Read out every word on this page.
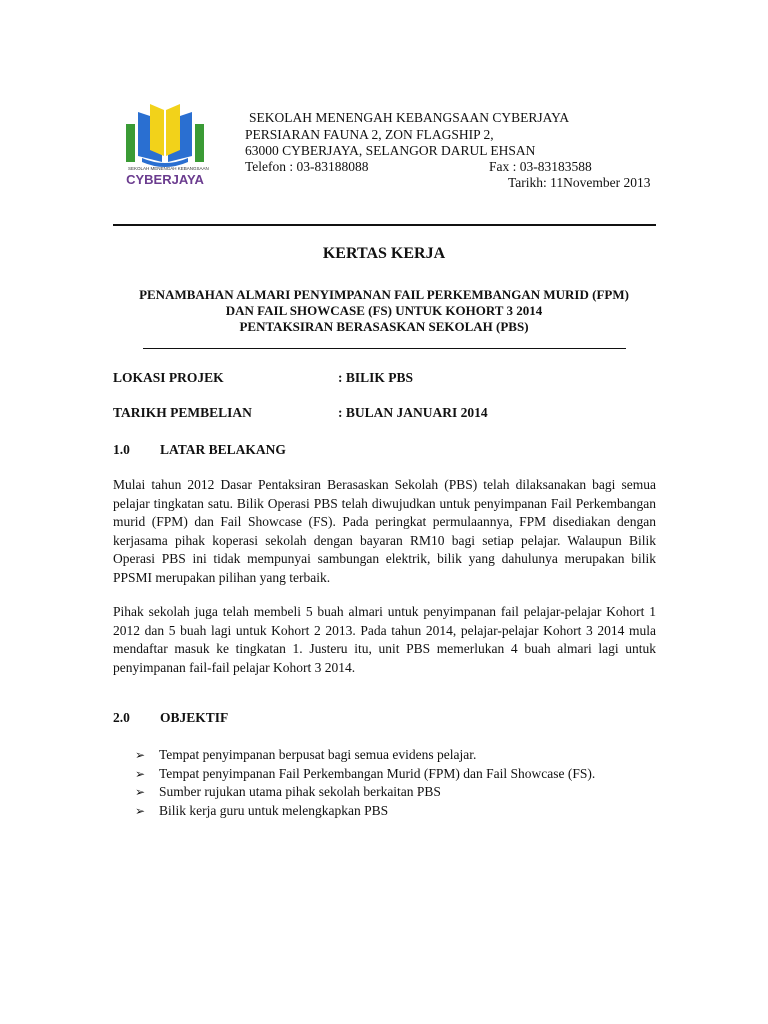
SEKOLAH MENENGAH KEBANGSAAN
CYBERJAYA
SEKOLAH MENENGAH KEBANGSAAN CYBERJAYA
PERSIARAN FAUNA 2, ZON FLAGSHIP 2,
63000 CYBERJAYA, SELANGOR DARUL EHSAN
Telefon : 03-83188088	Fax : 03-83183588
Tarikh: 11November 2013
KERTAS KERJA
PENAMBAHAN ALMARI PENYIMPANAN FAIL PERKEMBANGAN MURID (FPM)
DAN FAIL SHOWCASE (FS) UNTUK KOHORT 3 2014
PENTAKSIRAN BERASASKAN SEKOLAH (PBS)
LOKASI PROJEK	: BILIK PBS
TARIKH PEMBELIAN	: BULAN JANUARI 2014
1.0 LATAR BELAKANG
Mulai tahun 2012 Dasar Pentaksiran Berasaskan Sekolah (PBS) telah dilaksanakan bagi semua pelajar tingkatan satu. Bilik Operasi PBS telah diwujudkan untuk penyimpanan Fail Perkembangan murid (FPM) dan Fail Showcase (FS). Pada peringkat permulaannya, FPM disediakan dengan kerjasama pihak koperasi sekolah dengan bayaran RM10 bagi setiap pelajar. Walaupun Bilik Operasi PBS ini tidak mempunyai sambungan elektrik, bilik yang dahulunya merupakan bilik PPSMI merupakan pilihan yang terbaik.
Pihak sekolah juga telah membeli 5 buah almari untuk penyimpanan fail pelajar-pelajar Kohort 1 2012 dan 5 buah lagi untuk Kohort 2 2013. Pada tahun 2014, pelajar-pelajar Kohort 3 2014 mula mendaftar masuk ke tingkatan 1. Justeru itu, unit PBS memerlukan 4 buah almari lagi untuk penyimpanan fail-fail pelajar Kohort 3 2014.
2.0 OBJEKTIF
➢ Tempat penyimpanan berpusat bagi semua evidens pelajar.
➢ Tempat penyimpanan Fail Perkembangan Murid (FPM) dan Fail Showcase (FS).
➢ Sumber rujukan utama pihak sekolah berkaitan PBS
➢ Bilik kerja guru untuk melengkapkan PBS
